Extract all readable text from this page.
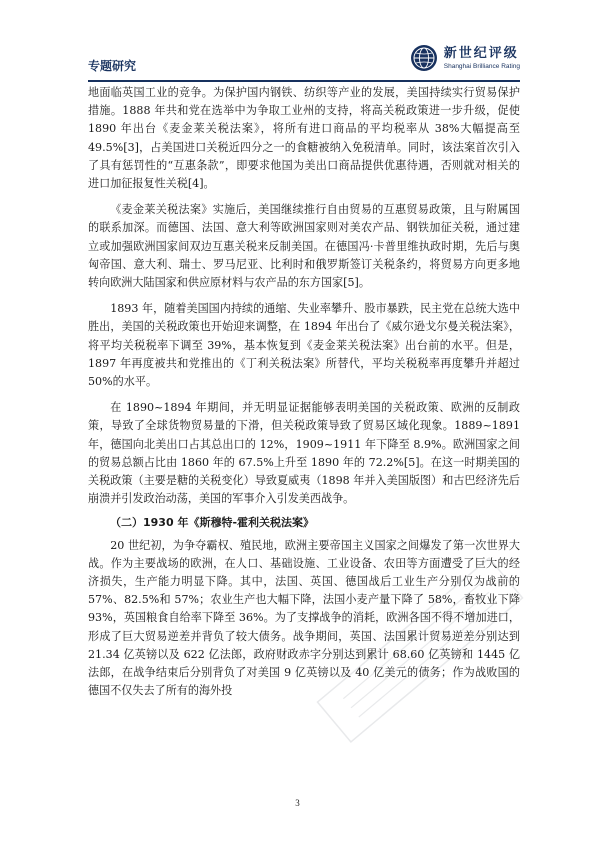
专题研究
新世纪评级
Shanghai Brilliance Rating

地面临英国工业的竞争。为保护国内钢铁、纺织等产业的发展，美国持续实行贸易保护措施。1888 年共和党在选举中为争取工业州的支持，将高关税政策进一步升级，促使 1890 年出台《麦金莱关税法案》，将所有进口商品的平均税率从 38%大幅提高至 49.5%[3]，占美国进口关税近四分之一的食糖被纳入免税清单。同时，该法案首次引入了具有惩罚性的“互惠条款”，即要求他国为美出口商品提供优惠待遇，否则就对相关的进口加征报复性关税[4]。

《麦金莱关税法案》实施后，美国继续推行自由贸易的互惠贸易政策，且与附属国的联系加深。而德国、法国、意大利等欧洲国家则对美农产品、钢铁加征关税，通过建立或加强欧洲国家间双边互惠关税来反制美国。在德国冯·卡普里维执政时期，先后与奥匈帝国、意大利、瑞士、罗马尼亚、比利时和俄罗斯签订关税条约，将贸易方向更多地转向欧洲大陆国家和供应原材料与农产品的东方国家[5]。

1893 年，随着美国国内持续的通缩、失业率攀升、股市暴跌，民主党在总统大选中胜出，美国的关税政策也开始迎来调整，在 1894 年出台了《威尔逊戈尔曼关税法案》，将平均关税税率下调至 39%，基本恢复到《麦金莱关税法案》出台前的水平。但是，1897 年再度被共和党推出的《丁利关税法案》所替代，平均关税税率再度攀升并超过 50%的水平。

在 1890~1894 年期间，并无明显证据能够表明美国的关税政策、欧洲的反制政策，导致了全球货物贸易量的下滑，但关税政策导致了贸易区域化现象。1889~1891 年，德国向北美出口占其总出口的 12%，1909~1911 年下降至 8.9%。欧洲国家之间的贸易总额占比由 1860 年的 67.5%上升至 1890 年的 72.2%[5]。在这一时期美国的关税政策（主要是糖的关税变化）导致夏威夷（1898 年并入美国版图）和古巴经济先后崩溃并引发政治动荡，美国的军事介入引发美西战争。

（二）1930 年《斯穆特-霍利关税法案》

20 世纪初，为争夺霸权、殖民地，欧洲主要帝国主义国家之间爆发了第一次世界大战。作为主要战场的欧洲，在人口、基础设施、工业设备、农田等方面遭受了巨大的经济损失，生产能力明显下降。其中，法国、英国、德国战后工业生产分别仅为战前的 57%、82.5%和 57%；农业生产也大幅下降，法国小麦产量下降了 58%，畜牧业下降 93%，英国粮食自给率下降至 36%。为了支撑战争的消耗，欧洲各国不得不增加进口，形成了巨大贸易逆差并背负了较大债务。战争期间，英国、法国累计贸易逆差分别达到 21.34 亿英镑以及 622 亿法郎，政府财政赤字分别达到累计 68.60 亿英镑和 1445 亿法郎，在战争结束后分别背负了对美国 9 亿英镑以及 40 亿美元的债务；作为战败国的德国不仅失去了所有的海外投

3
